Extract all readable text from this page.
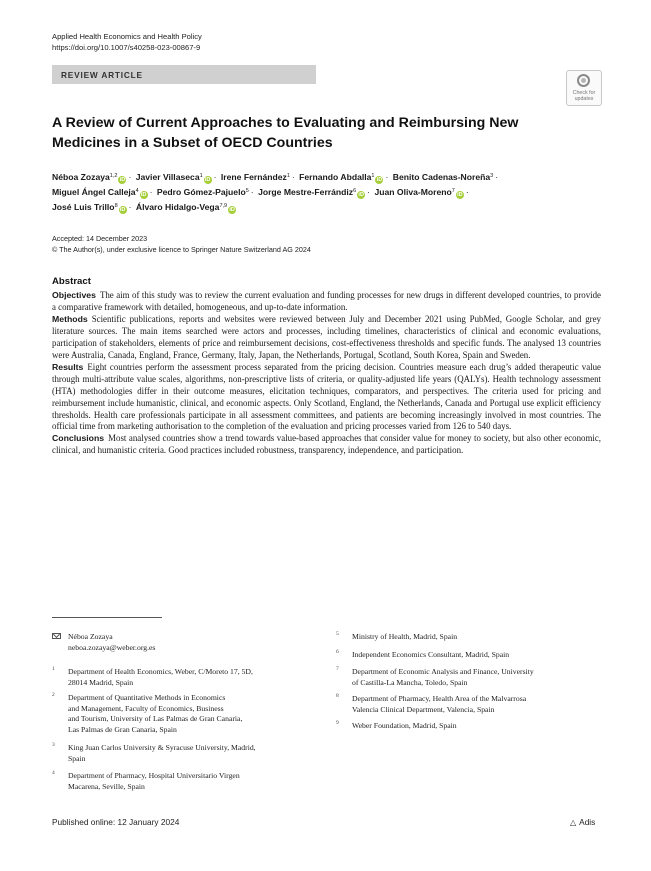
Applied Health Economics and Health Policy
https://doi.org/10.1007/s40258-023-00867-9
REVIEW ARTICLE
Check for
updates
A Review of Current Approaches to Evaluating and Reimbursing New Medicines in a Subset of OECD Countries
Néboa Zozaya$^{1,2}$iD · Javier Villaseca$^1$iD · Irene Fernández$^1$ · Fernando Abdalla$^1$iD · Benito Cadenas-Noreña$^3$ ·
Miguel Ángel Calleja$^4$iD · Pedro Gómez-Pajuelo$^5$ · Jorge Mestre-Ferrándiz$^6$iD · Juan Oliva-Moreno$^7$iD ·
José Luis Trillo$^8$iD · Álvaro Hidalgo-Vega$^{7,9}$iD
Accepted: 14 December 2023
© The Author(s), under exclusive licence to Springer Nature Switzerland AG 2024
Abstract

Objectives The aim of this study was to review the current evaluation and funding processes for new drugs in different developed countries, to provide a comparative framework with detailed, homogeneous, and up-to-date information.

Methods Scientific publications, reports and websites were reviewed between July and December 2021 using PubMed, Google Scholar, and grey literature sources. The main items searched were actors and processes, including timelines, characteristics of clinical and economic evaluations, participation of stakeholders, elements of price and reimbursement decisions, cost-effectiveness thresholds and specific funds. The analysed 13 countries were Australia, Canada, England, France, Germany, Italy, Japan, the Netherlands, Portugal, Scotland, South Korea, Spain and Sweden.

Results Eight countries perform the assessment process separated from the pricing decision. Countries measure each drug’s added therapeutic value through multi-attribute value scales, algorithms, non-prescriptive lists of criteria, or quality-adjusted life years (QALYs). Health technology assessment (HTA) methodologies differ in their outcome measures, elicitation techniques, comparators, and perspectives. The criteria used for pricing and reimbursement include humanistic, clinical, and economic aspects. Only Scotland, England, the Netherlands, Canada and Portugal use explicit efficiency thresholds. Health care professionals participate in all assessment committees, and patients are becoming increasingly involved in most countries. The official time from marketing authorisation to the completion of the evaluation and pricing processes varied from 126 to 540 days.

Conclusions Most analysed countries show a trend towards value-based approaches that consider value for money to society, but also other economic, clinical, and humanistic criteria. Good practices included robustness, transparency, independence, and participation.

Néboa Zozaya
neboa.zozaya@weber.org.es
1 Department of Health Economics, Weber, C/Moreto 17, 5D,
28014 Madrid, Spain
2 Department of Quantitative Methods in Economics
and Management, Faculty of Economics, Business
and Tourism, University of Las Palmas de Gran Canaria,
Las Palmas de Gran Canaria, Spain
3 King Juan Carlos University & Syracuse University, Madrid,
Spain
4 Department of Pharmacy, Hospital Universitario Virgen
Macarena, Seville, Spain
5 Ministry of Health, Madrid, Spain
6 Independent Economics Consultant, Madrid, Spain
7 Department of Economic Analysis and Finance, University
of Castilla-La Mancha, Toledo, Spain
8 Department of Pharmacy, Health Area of the Malvarrosa
Valencia Clinical Department, Valencia, Spain
9 Weber Foundation, Madrid, Spain
Published online: 12 January 2024	△ Adis
